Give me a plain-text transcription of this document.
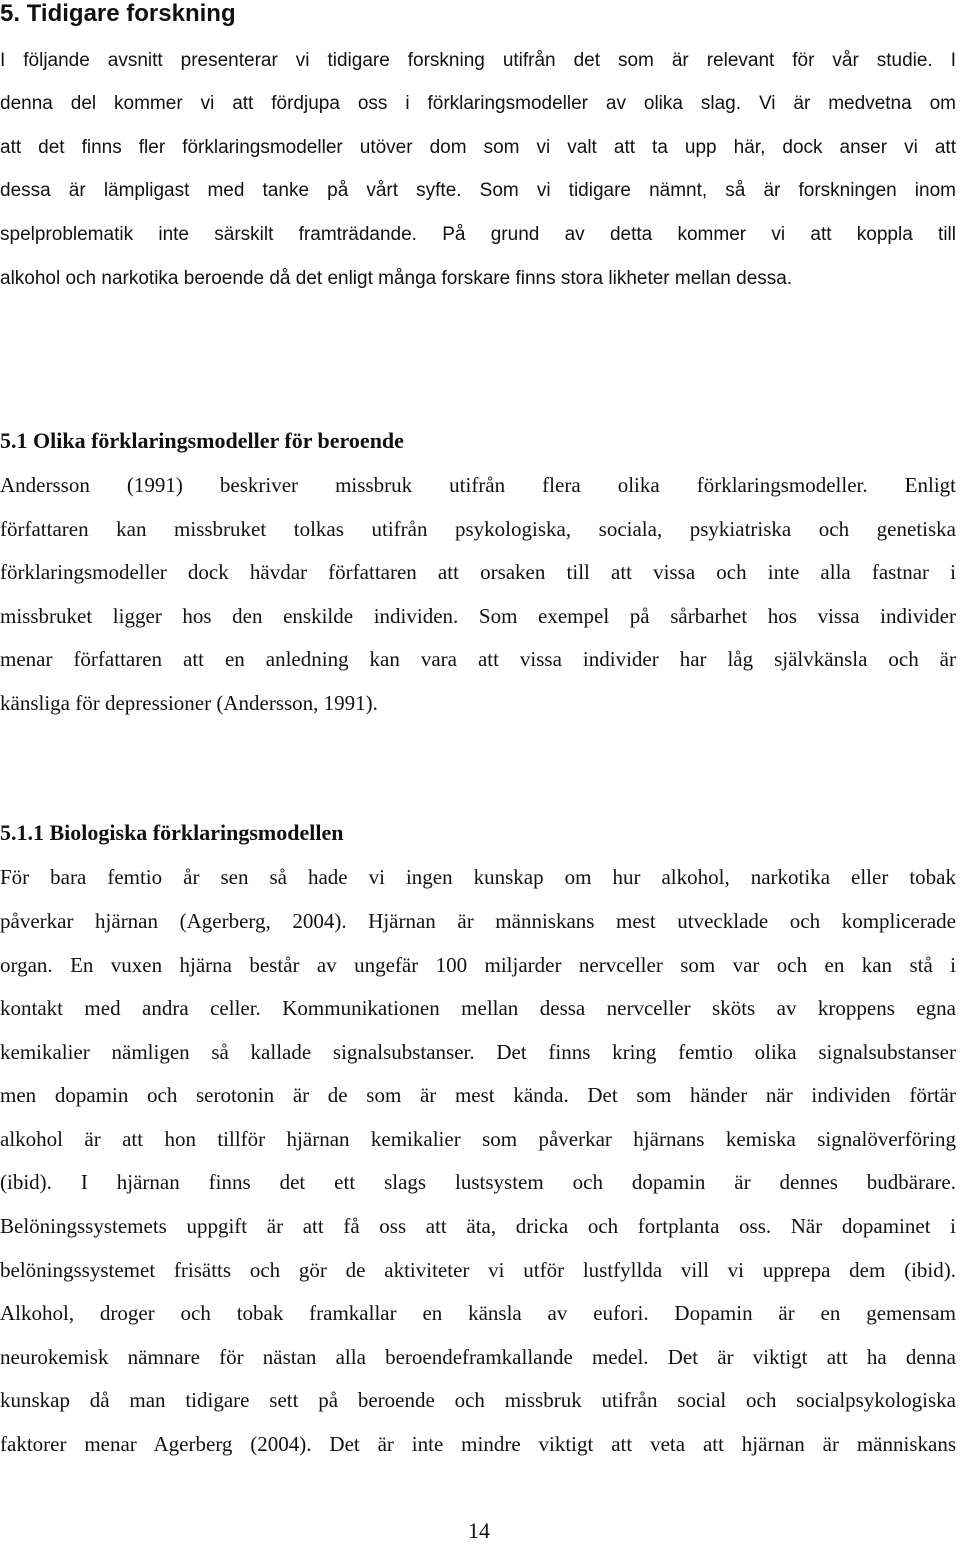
5. Tidigare forskning
I följande avsnitt presenterar vi tidigare forskning utifrån det som är relevant för vår studie. I
denna del kommer vi att fördjupa oss i förklaringsmodeller av olika slag. Vi är medvetna om
att det finns fler förklaringsmodeller utöver dom som vi valt att ta upp här, dock anser vi att
dessa är lämpligast med tanke på vårt syfte. Som vi tidigare nämnt, så är forskningen inom
spelproblematik inte särskilt framträdande. På grund av detta kommer vi att koppla till
alkohol och narkotika beroende då det enligt många forskare finns stora likheter mellan dessa.
5.1 Olika förklaringsmodeller för beroende
Andersson (1991) beskriver missbruk utifrån flera olika förklaringsmodeller. Enligt
författaren kan missbruket tolkas utifrån psykologiska, sociala, psykiatriska och genetiska
förklaringsmodeller dock hävdar författaren att orsaken till att vissa och inte alla fastnar i
missbruket ligger hos den enskilde individen. Som exempel på sårbarhet hos vissa individer
menar författaren att en anledning kan vara att vissa individer har låg självkänsla och är
känsliga för depressioner (Andersson, 1991).
5.1.1 Biologiska förklaringsmodellen
För bara femtio år sen så hade vi ingen kunskap om hur alkohol, narkotika eller tobak
påverkar hjärnan (Agerberg, 2004). Hjärnan är människans mest utvecklade och komplicerade
organ. En vuxen hjärna består av ungefär 100 miljarder nervceller som var och en kan stå i
kontakt med andra celler. Kommunikationen mellan dessa nervceller sköts av kroppens egna
kemikalier nämligen så kallade signalsubstanser. Det finns kring femtio olika signalsubstanser
men dopamin och serotonin är de som är mest kända. Det som händer när individen förtär
alkohol är att hon tillför hjärnan kemikalier som påverkar hjärnans kemiska signalöverföring
(ibid). I hjärnan finns det ett slags lustsystem och dopamin är dennes budbärare.
Belöningssystemets uppgift är att få oss att äta, dricka och fortplanta oss. När dopaminet i
belöningssystemet frisätts och gör de aktiviteter vi utför lustfyllda vill vi upprepa dem (ibid).
Alkohol, droger och tobak framkallar en känsla av eufori. Dopamin är en gemensam
neurokemisk nämnare för nästan alla beroendeframkallande medel. Det är viktigt att ha denna
kunskap då man tidigare sett på beroende och missbruk utifrån social och socialpsykologiska
faktorer menar Agerberg (2004). Det är inte mindre viktigt att veta att hjärnan är människans
14
